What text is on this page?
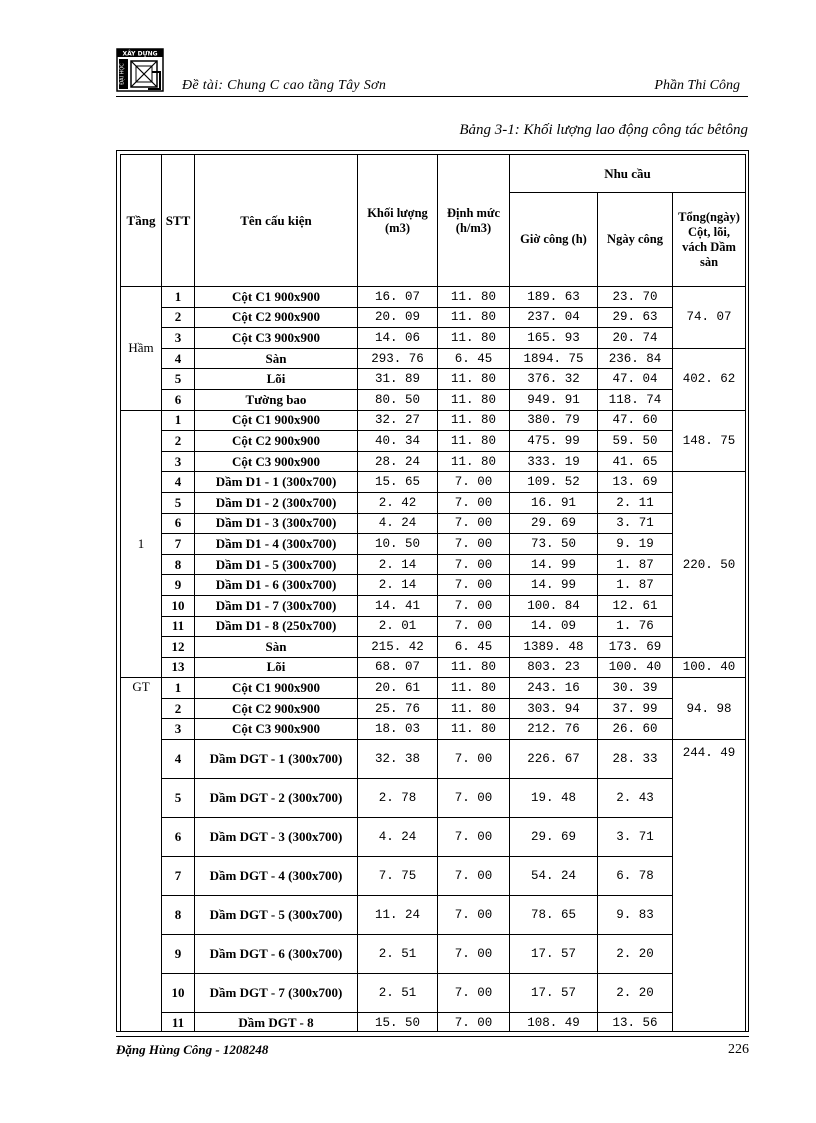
XÂY DỰNG
ĐẠI HỌC
Đề tài: Chung C cao tầng Tây Sơn	Phần Thi Công
Bảng 3-1: Khối lượng lao động công tác bêtông
Tầng	STT	Tên cấu kiện	Khối lượng (m3)	Định mức (h/m3)	Nhu cầu		
					Giờ công (h)	Ngày công	Tổng(ngày) Cột, lõi, vách Dầm sàn
Hầm	1	Cột C1 900x900	16. 07	11. 80	189. 63	23. 70	74. 07
	2	Cột C2 900x900	20. 09	11. 80	237. 04	29. 63	
	3	Cột C3 900x900	14. 06	11. 80	165. 93	20. 74	
	4	Sàn	293. 76	6. 45	1894. 75	236. 84	402. 62
	5	Lõi	31. 89	11. 80	376. 32	47. 04	
	6	Tường bao	80. 50	11. 80	949. 91	118. 74	
1	1	Cột C1 900x900	32. 27	11. 80	380. 79	47. 60	148. 75
	2	Cột C2 900x900	40. 34	11. 80	475. 99	59. 50	
	3	Cột C3 900x900	28. 24	11. 80	333. 19	41. 65	
	4	Dầm D1 - 1 (300x700)	15. 65	7. 00	109. 52	13. 69	220. 50
	5	Dầm D1 - 2 (300x700)	2. 42	7. 00	16. 91	2. 11	
	6	Dầm D1 - 3 (300x700)	4. 24	7. 00	29. 69	3. 71	
	7	Dầm D1 - 4 (300x700)	10. 50	7. 00	73. 50	9. 19	
	8	Dầm D1 - 5 (300x700)	2. 14	7. 00	14. 99	1. 87	
	9	Dầm D1 - 6 (300x700)	2. 14	7. 00	14. 99	1. 87	
	10	Dầm D1 - 7 (300x700)	14. 41	7. 00	100. 84	12. 61	
	11	Dầm D1 - 8 (250x700)	2. 01	7. 00	14. 09	1. 76	
	12	Sàn	215. 42	6. 45	1389. 48	173. 69	
	13	Lõi	68. 07	11. 80	803. 23	100. 40	100. 40
GT	1	Cột C1 900x900	20. 61	11. 80	243. 16	30. 39	94. 98
	2	Cột C2 900x900	25. 76	11. 80	303. 94	37. 99	
	3	Cột C3 900x900	18. 03	11. 80	212. 76	26. 60	
	4	Dầm DGT - 1 (300x700)	32. 38	7. 00	226. 67	28. 33	244. 49
	5	Dầm DGT - 2 (300x700)	2. 78	7. 00	19. 48	2. 43	
	6	Dầm DGT - 3 (300x700)	4. 24	7. 00	29. 69	3. 71	
	7	Dầm DGT - 4 (300x700)	7. 75	7. 00	54. 24	6. 78	
	8	Dầm DGT - 5 (300x700)	11. 24	7. 00	78. 65	9. 83	
	9	Dầm DGT - 6 (300x700)	2. 51	7. 00	17. 57	2. 20	
	10	Dầm DGT - 7 (300x700)	2. 51	7. 00	17. 57	2. 20	
	11	Dầm DGT - 8	15. 50	7. 00	108. 49	13. 56	
Đặng Hùng Công - 1208248	226
